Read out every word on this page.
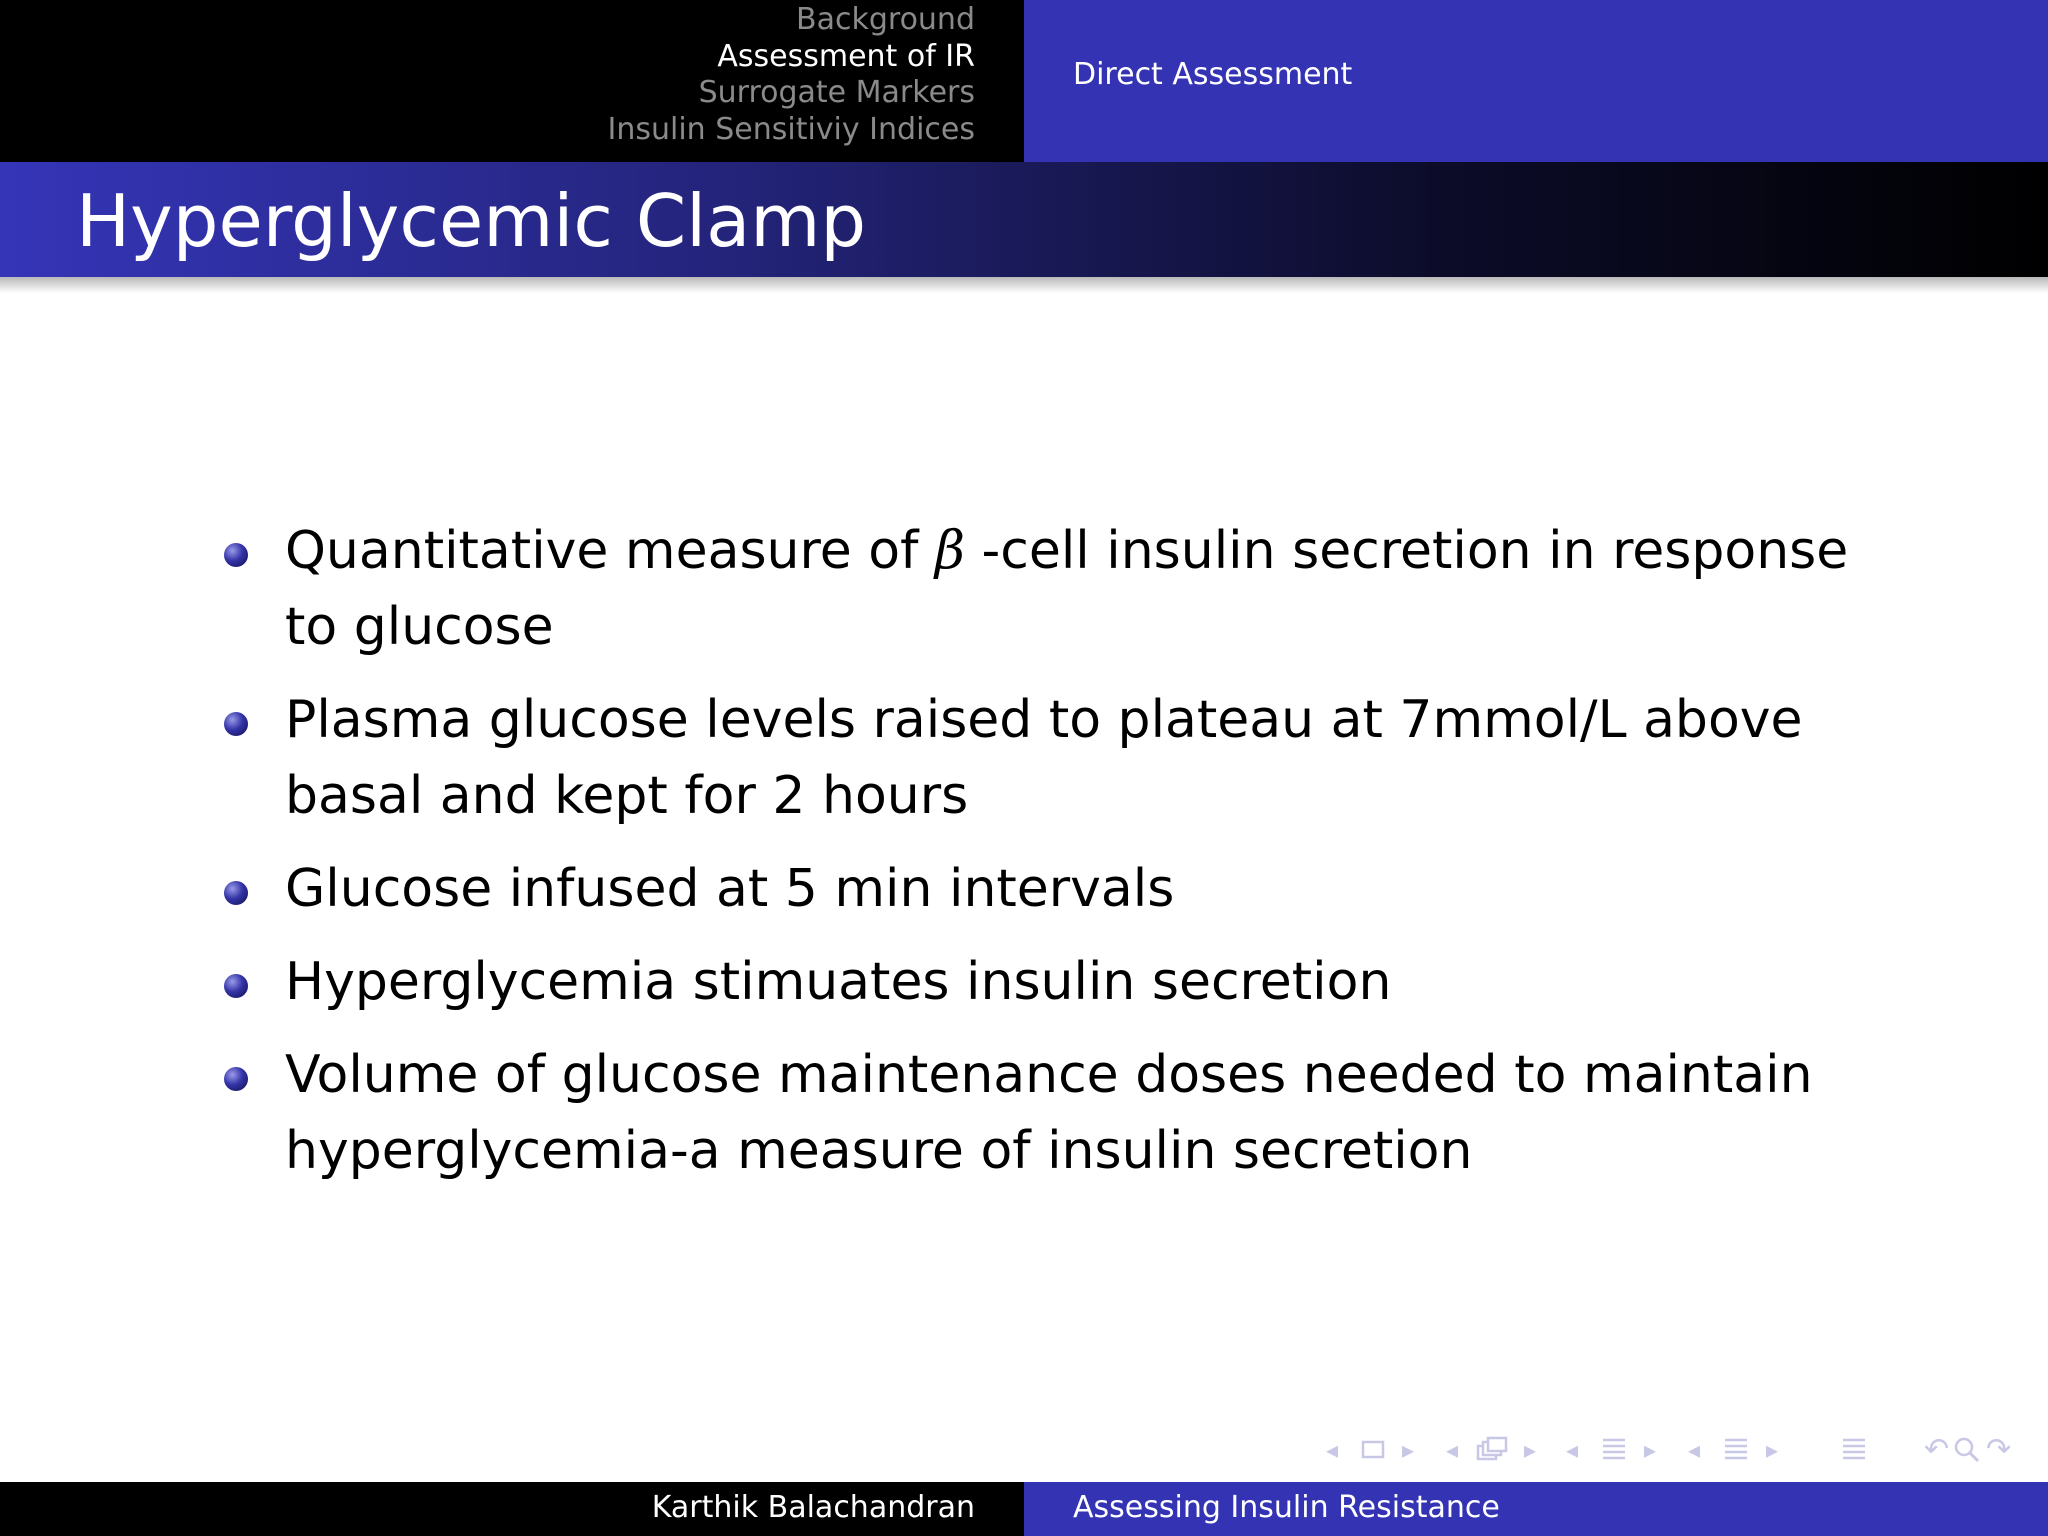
Background
Assessment of IR
Surrogate Markers
Insulin Sensitiviy Indices
Direct Assessment
Hyperglycemic Clamp
Quantitative measure of β -cell insulin secretion in response to glucose
Plasma glucose levels raised to plateau at 7mmol/L above basal and kept for 2 hours
Glucose infused at 5 min intervals
Hyperglycemia stimuates insulin secretion
Volume of glucose maintenance doses needed to maintain hyperglycemia-a measure of insulin secretion
◂	▸ ◂	▸ ◂	▸ ◂	▸	↶ ↷
Karthik Balachandran	Assessing Insulin Resistance
